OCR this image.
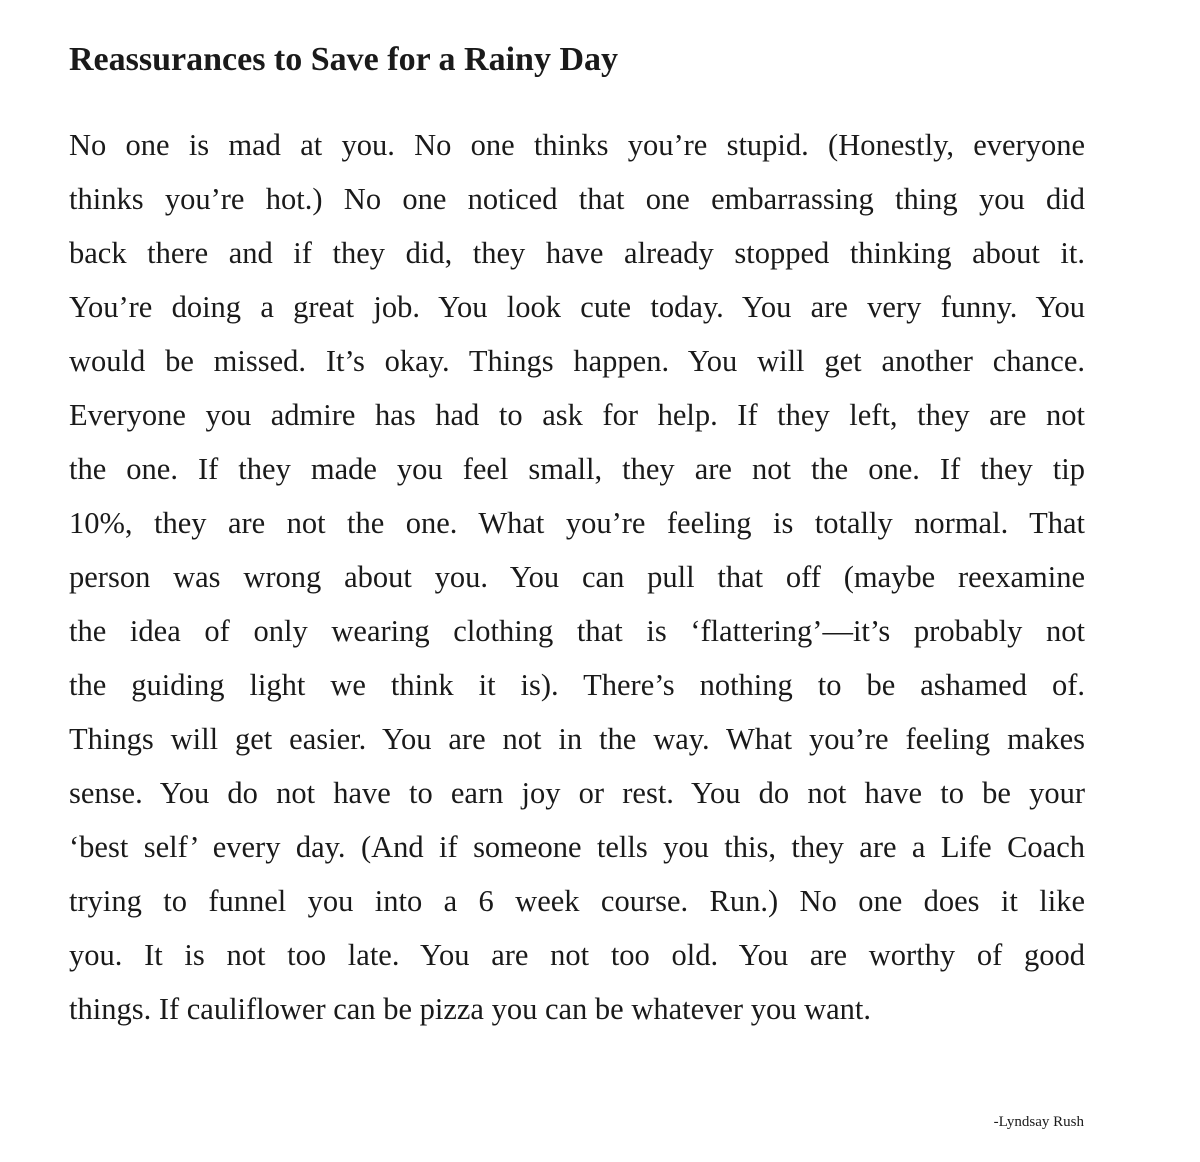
Reassurances to Save for a Rainy Day
No one is mad at you. No one thinks you’re stupid. (Honestly, everyone
thinks you’re hot.) No one noticed that one embarrassing thing you did
back there and if they did, they have already stopped thinking about it.
You’re doing a great job. You look cute today. You are very funny. You
would be missed. It’s okay. Things happen. You will get another chance.
Everyone you admire has had to ask for help. If they left, they are not
the one. If they made you feel small, they are not the one. If they tip
10%, they are not the one. What you’re feeling is totally normal. That
person was wrong about you. You can pull that off (maybe reexamine
the idea of only wearing clothing that is ‘flattering’—it’s probably not
the guiding light we think it is). There’s nothing to be ashamed of.
Things will get easier. You are not in the way. What you’re feeling makes
sense. You do not have to earn joy or rest. You do not have to be your
‘best self’ every day. (And if someone tells you this, they are a Life Coach
trying to funnel you into a 6 week course. Run.) No one does it like
you. It is not too late. You are not too old. You are worthy of good
things. If cauliflower can be pizza you can be whatever you want.
-Lyndsay Rush
